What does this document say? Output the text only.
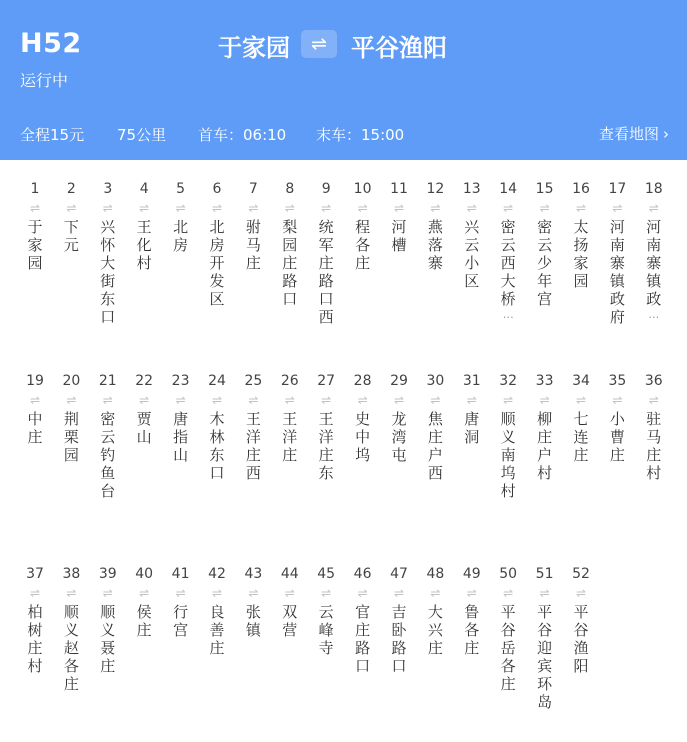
H52
运行中
于家园	⇌	平谷渔阳
全程15元 75公里 首车：06:10 末车：15:00	查看地图 ›
1
⇌
于家园
2
⇌
下元
3
⇌
兴怀大街东口
4
⇌
王化村
5
⇌
北房
6
⇌
北房开发区
7
⇌
驸马庄
8
⇌
梨园庄路口
9
⇌
统军庄路口西
10
⇌
程各庄
11
⇌
河槽
12
⇌
燕落寨
13
⇌
兴云小区
14
⇌
密云西大桥
…
15
⇌
密云少年宫
16
⇌
太扬家园
17
⇌
河南寨镇政府
18
⇌
河南寨镇政
…
19
⇌
中庄
20
⇌
荆栗园
21
⇌
密云钓鱼台
22
⇌
贾山
23
⇌
唐指山
24
⇌
木林东口
25
⇌
王洋庄西
26
⇌
王洋庄
27
⇌
王洋庄东
28
⇌
史中坞
29
⇌
龙湾屯
30
⇌
焦庄户西
31
⇌
唐洞
32
⇌
顺义南坞村
33
⇌
柳庄户村
34
⇌
七连庄
35
⇌
小曹庄
36
⇌
驻马庄村
37
⇌
柏树庄村
38
⇌
顺义赵各庄
39
⇌
顺义聂庄
40
⇌
侯庄
41
⇌
行宫
42
⇌
良善庄
43
⇌
张镇
44
⇌
双营
45
⇌
云峰寺
46
⇌
官庄路口
47
⇌
吉卧路口
48
⇌
大兴庄
49
⇌
鲁各庄
50
⇌
平谷岳各庄
51
⇌
平谷迎宾环岛
52
⇌
平谷渔阳
